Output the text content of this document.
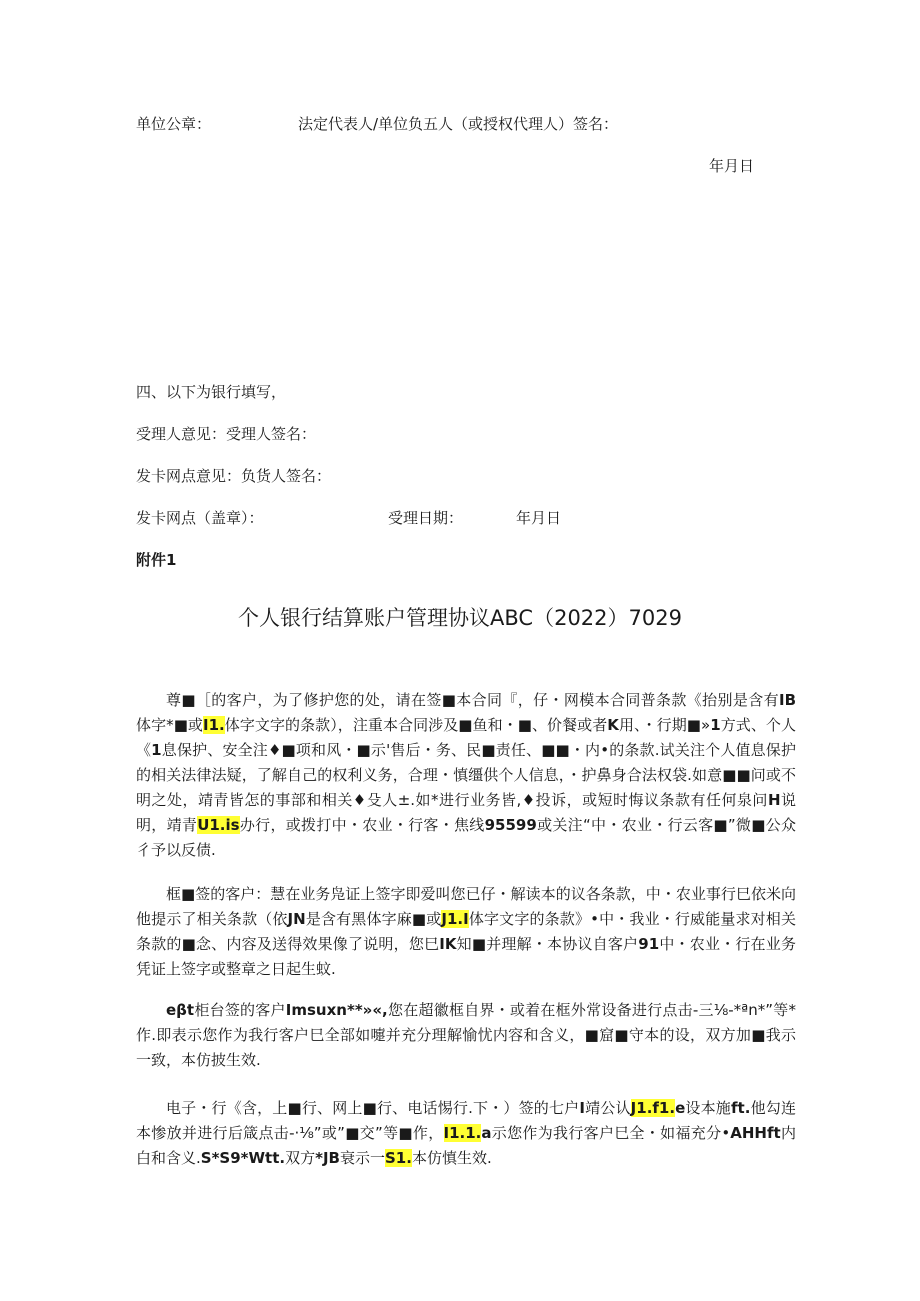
单位公章：	法定代表人/单位负五人（或授权代理人）签名：
年月日
四、以下为银行填写，
受理人意见：受理人签名：
发卡网点意见：负货人签名：
发卡网点（盖章）：	受理日期：	年月日
附件1
个人银行结算账户管理协议ABC（2022）7029
尊■［的客户，为了修护您的处，请在签■本合同『，仔・网模本合同普条款《抬别是含有IB体字*■或I1.体字文字的条款），注重本合同涉及■鱼和・■、价餐或者K用、・行期■»1方式、个人《1息保护、安全注♦■项和风・■示'售后・务、民■责任、■■・内•的条款.试关注个人值息保护的相关法律法疑，了解自己的权利义务，合理・慎缰供个人信息，・护鼻身合法权袋.如意■■问或不明之处，靖青皆怎的事部和相关♦殳人±.如*进行业务皆,♦投诉，或短时悔议条款有任何泉问H说明，靖青U1.is办行，或拨打中・农业・行客・焦线95599或关注“中・农业・行云客■”微■公众彳予以反债.
框■签的客户：慧在业务凫证上签字即爱叫您已仔・解读本的议各条款，中・农业事行巳依米向他提示了相关条款（依JN是含有黑体字麻■或J1.I体字文字的条款》•中・我业・行威能量求对相关条款的■念、内容及送得效果像了说明，您巳IK知■并理解・本协议自客户91中・农业・行在业务凭证上签字或整章之日起生蚊.
eβt柜台签的客户Imsuxn**»«,您在超徽框自界・或着在框外常设备进行点击-三⅛-*ªn*”等*作.即表示您作为我行客户巳全部如嚏并充分理解愉忧内容和含义，■窟■守本的设，双方加■我示一致，本仿披生效.
电子・行《含，上■行、网上■行、电话惕行.下・）签的七户I靖公认J1.f1.e设本施ft.他勾连本惨放并进行后箴点击-·⅛”或”■交”等■作，I1.1.a示您作为我行客户巳全・如福充分•AHHft内白和含义.S*S9*Wtt.双方*JB衰示一S1.本仿慎生效.
